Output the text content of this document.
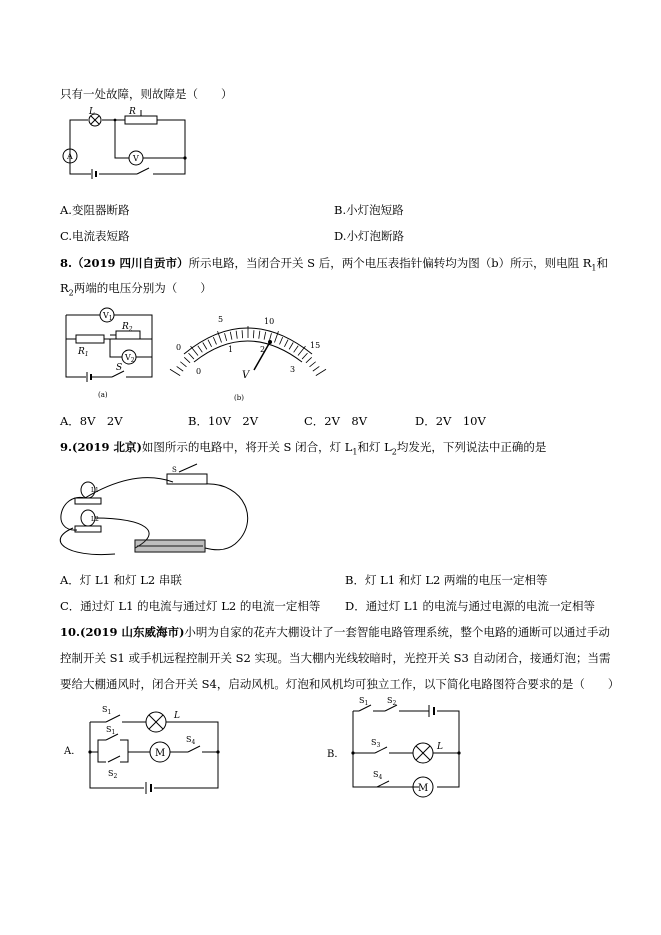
只有一处故障，则故障是（　　）
L	R
A	V
A.变阻器断路	B.小灯泡短路
C.电流表短路	D.小灯泡断路
8.（2019 四川自贡市）所示电路，当闭合开关 S 后，两个电压表指针偏转均为图（b）所示，则电阻 $R_1$和
$R_2$两端的电压分别为（　　）
$V_1$
$V_2$
$R_1$
$R_2$
S
(a)
0
5	10
15
0
1	2
3
V
(b)
A．8V　2V	B．10V　2V	C．2V　8V	D．2V　10V
9.(2019 北京)如图所示的电路中，将开关 S 闭合，灯 $L_1$和灯 $L_2$均发光，下列说法中正确的是
S
L1
L2
A．灯 L1 和灯 L2 串联	B．灯 L1 和灯 L2 两端的电压一定相等
C．通过灯 L1 的电流与通过灯 L2 的电流一定相等 D．通过灯 L1 的电流与通过电源的电流一定相等
10.(2019 山东威海市)小明为自家的花卉大棚设计了一套智能电路管理系统，整个电路的通断可以通过手动
控制开关 S1 或手机远程控制开关 S2 实现。当大棚内光线较暗时，光控开关 S3 自动闭合，接通灯泡；当需
要给大棚通风时，闭合开关 S4，启动风机。灯泡和风机均可独立工作，以下简化电路图符合要求的是（　　）
A．
$S_1$	L
$S_1$
$S_2$
M
$S_4$
B．
$S_1$ $S_2$
$S_3$	L
$S_4$
M
